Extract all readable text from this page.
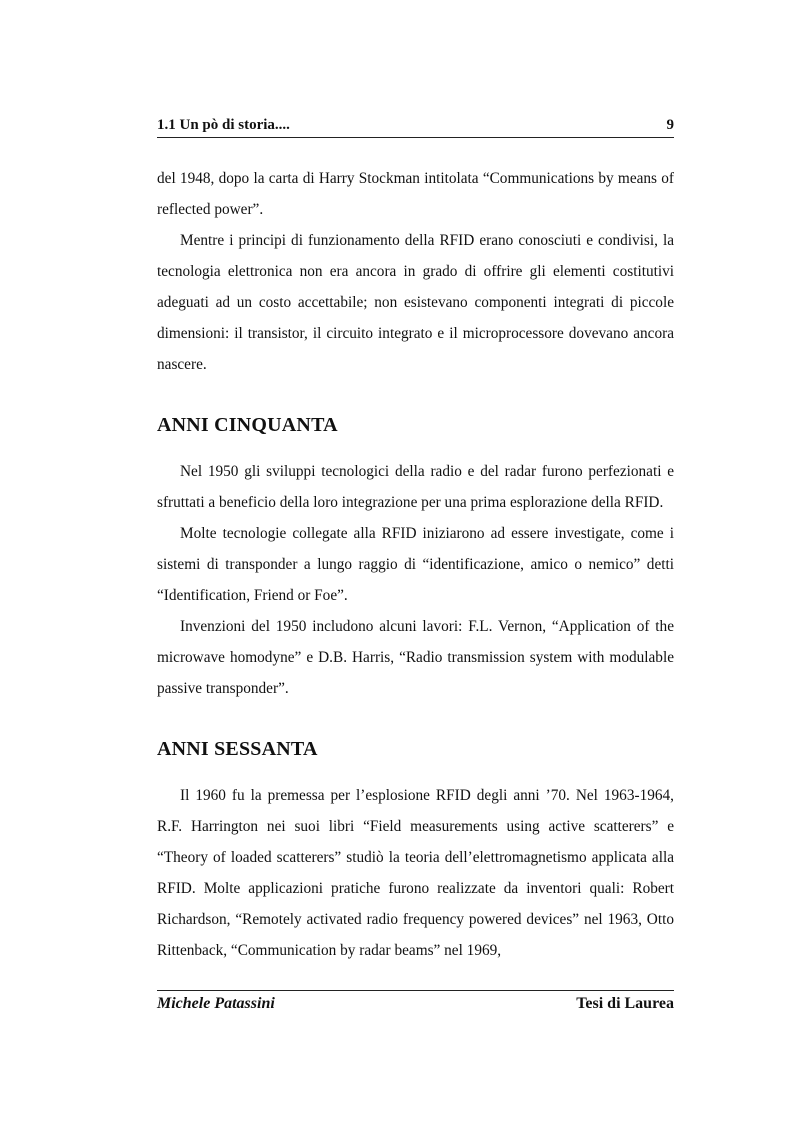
1.1 Un pò di storia....	9

del 1948, dopo la carta di Harry Stockman intitolata “Communications by means of reflected power”.

Mentre i principi di funzionamento della RFID erano conosciuti e condivisi, la tecnologia elettronica non era ancora in grado di offrire gli elementi costitutivi adeguati ad un costo accettabile; non esistevano componenti integrati di piccole dimensioni: il transistor, il circuito integrato e il microprocessore dovevano ancora nascere.

ANNI CINQUANTA

Nel 1950 gli sviluppi tecnologici della radio e del radar furono perfezionati e sfruttati a beneficio della loro integrazione per una prima esplorazione della RFID.

Molte tecnologie collegate alla RFID iniziarono ad essere investigate, come i sistemi di transponder a lungo raggio di “identificazione, amico o nemico” detti “Identification, Friend or Foe”.

Invenzioni del 1950 includono alcuni lavori: F.L. Vernon, “Application of the microwave homodyne” e D.B. Harris, “Radio transmission system with modulable passive transponder”.

ANNI SESSANTA

Il 1960 fu la premessa per l’esplosione RFID degli anni ’70. Nel 1963-1964, R.F. Harrington nei suoi libri “Field measurements using active scatterers” e “Theory of loaded scatterers” studiò la teoria dell’elettromagnetismo applicata alla RFID. Molte applicazioni pratiche furono realizzate da inventori quali: Robert Richardson, “Remotely activated radio frequency powered devices” nel 1963, Otto Rittenback, “Communication by radar beams” nel 1969,

Michele Patassini	Tesi di Laurea
